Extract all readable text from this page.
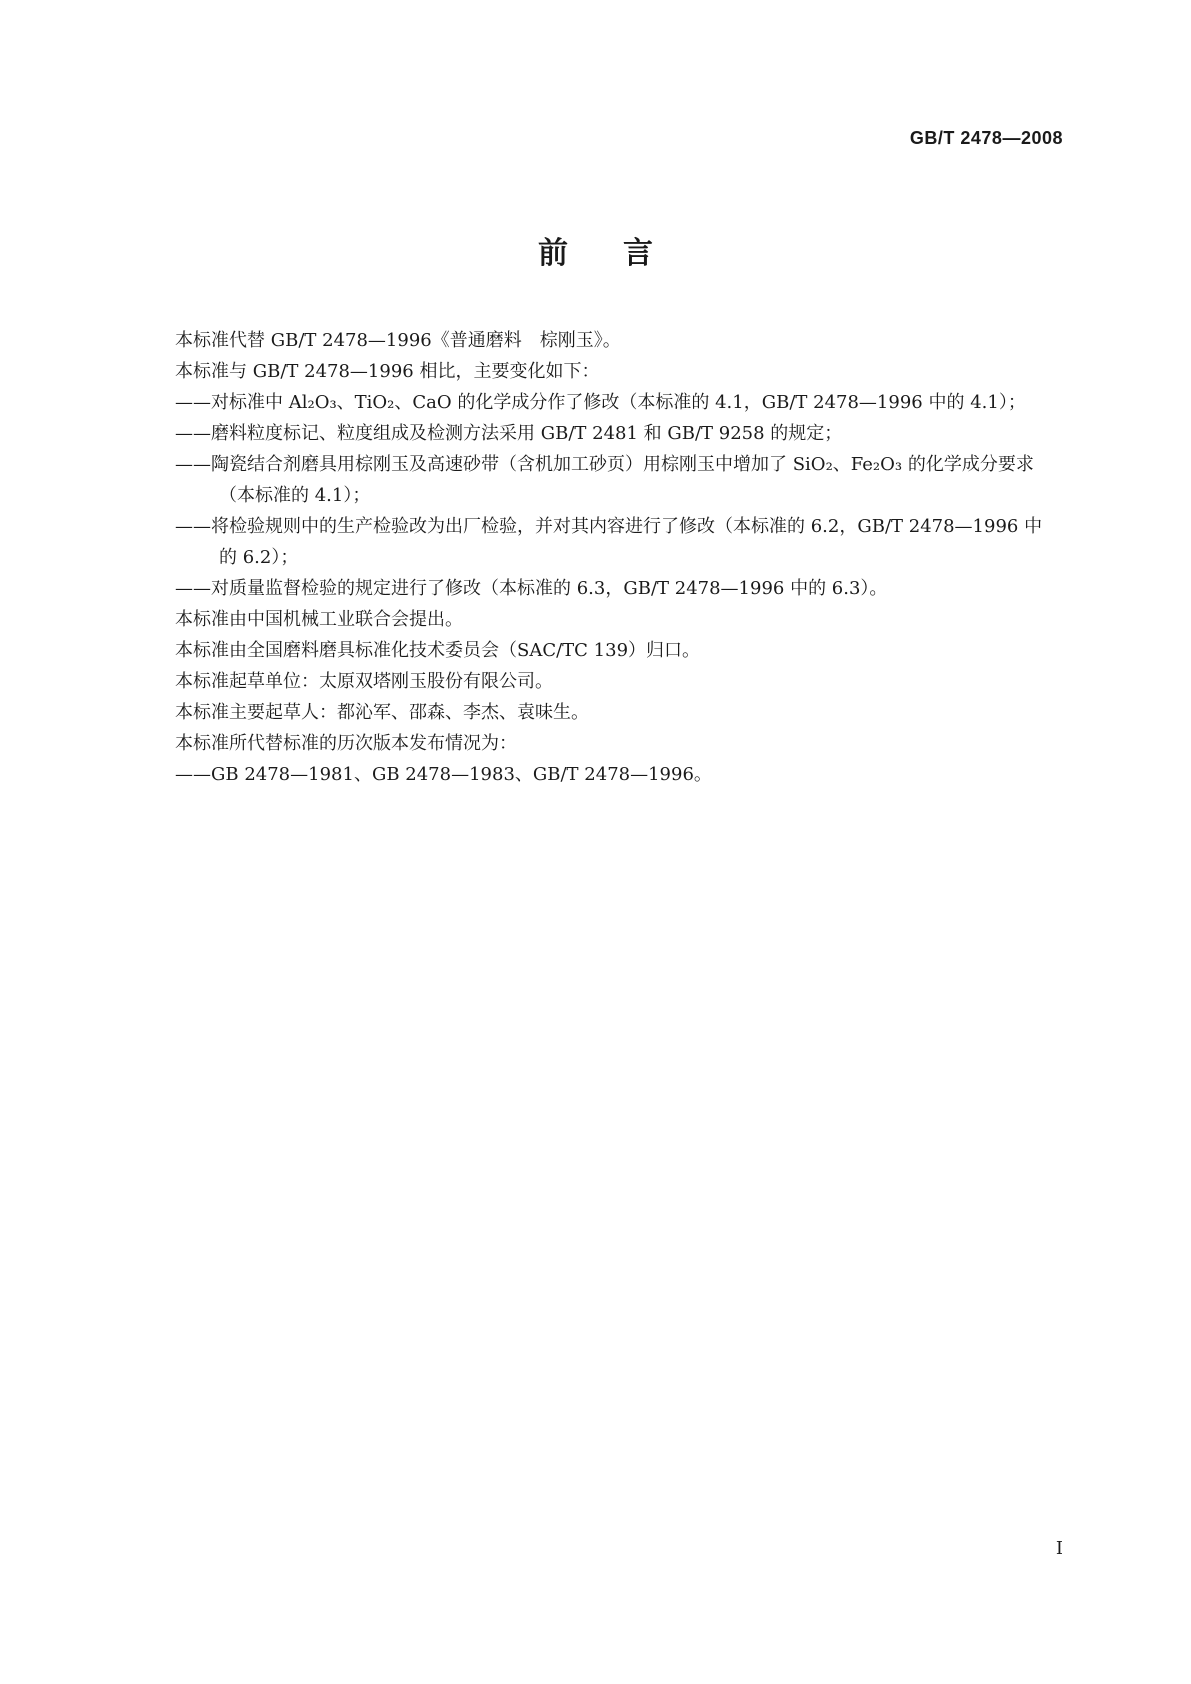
GB/T 2478—2008
前 言

本标准代替 GB/T 2478—1996《普通磨料　棕刚玉》。

本标准与 GB/T 2478—1996 相比，主要变化如下：

——对标准中 Al₂O₃、TiO₂、CaO 的化学成分作了修改（本标准的 4.1，GB/T 2478—1996 中的 4.1）；

——磨料粒度标记、粒度组成及检测方法采用 GB/T 2481 和 GB/T 9258 的规定；

——陶瓷结合剂磨具用棕刚玉及高速砂带（含机加工砂页）用棕刚玉中增加了 SiO₂、Fe₂O₃ 的化学成分要求（本标准的 4.1）；

——将检验规则中的生产检验改为出厂检验，并对其内容进行了修改（本标准的 6.2，GB/T 2478—1996 中的 6.2）；

——对质量监督检验的规定进行了修改（本标准的 6.3，GB/T 2478—1996 中的 6.3）。

本标准由中国机械工业联合会提出。

本标准由全国磨料磨具标准化技术委员会（SAC/TC 139）归口。

本标准起草单位：太原双塔刚玉股份有限公司。

本标准主要起草人：都沁军、邵森、李杰、袁味生。

本标准所代替标准的历次版本发布情况为：

——GB 2478—1981、GB 2478—1983、GB/T 2478—1996。

I
